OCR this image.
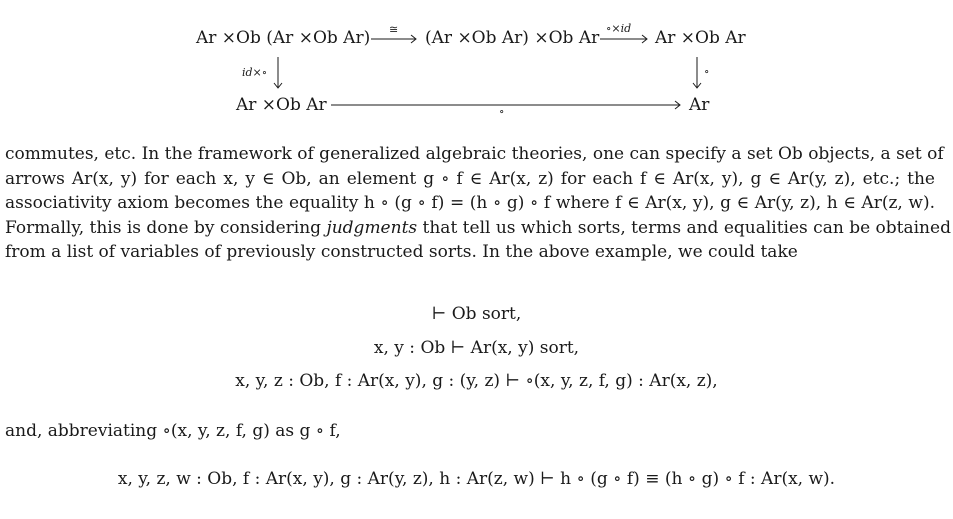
Ar ×Ob (Ar ×Ob Ar)	(Ar ×Ob Ar) ×Ob Ar	Ar ×Ob Ar
Ar ×Ob Ar	Ar
≅	∘×id
id×∘	∘
∘
commutes, etc. In the framework of generalized algebraic theories, one can specify a set Ob objects, a set of
arrows Ar(x, y) for each x, y ∈ Ob, an element g ∘ f ∈ Ar(x, z) for each f ∈ Ar(x, y), g ∈ Ar(y, z), etc.; the
associativity axiom becomes the equality h ∘ (g ∘ f) = (h ∘ g) ∘ f where f ∈ Ar(x, y), g ∈ Ar(y, z), h ∈ Ar(z, w).
Formally, this is done by considering judgments that tell us which sorts, terms and equalities can be obtained
from a list of variables of previously constructed sorts. In the above example, we could take
⊢ Ob sort,
x, y : Ob ⊢ Ar(x, y) sort,
x, y, z : Ob, f : Ar(x, y), g : (y, z) ⊢ ∘(x, y, z, f, g) : Ar(x, z),
and, abbreviating ∘(x, y, z, f, g) as g ∘ f,
x, y, z, w : Ob, f : Ar(x, y), g : Ar(y, z), h : Ar(z, w) ⊢ h ∘ (g ∘ f) ≡ (h ∘ g) ∘ f : Ar(x, w).
